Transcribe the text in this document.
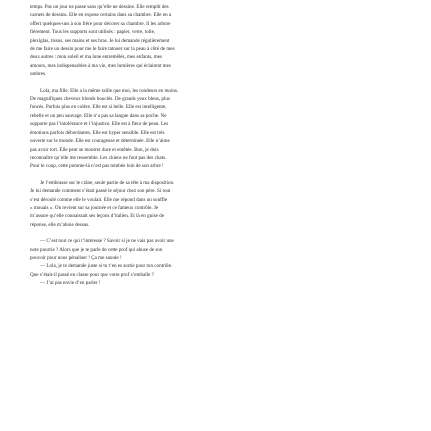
temps. Pas un jour ne passe sans qu’elle ne dessine. Elle remplit des
carnets de dessins. Elle en expose certains dans sa chambre. Elle en a
offert quelques-uns à son frère pour décorer sa chambre. Il les arbore
fièrement. Tous les supports sont utilisés : papier, verre, toile,
plexiglas, tissus, ses mains et ses bras. Je lui demande régulièrement
de me faire un dessin pour me le faire tatouer sur la peau à côté de mes
deux autres : mon soleil et ma lune entremêlés, mes enfants, mes
amours, mes indispensables à ma vie, mes lumières qui éclairent mes
ombres.

Lola, ma fille. Elle a la même taille que moi, les rondeurs en moins.
De magnifiques cheveux blonds bouclés. De grands yeux bleus, plus
foncés. Parfois plus en colère. Elle est si belle. Elle est intelligente,
rebelle et un peu sauvage. Elle n’a pas sa langue dans sa poche. Ne
supporte pas l’intolérance et l’injustice. Elle est à fleur de peau. Les
émotions parfois débordantes. Elle est hyper sensible. Elle est très
ouverte sur le monde. Elle est courageuse et déterminée. Elle n’aime
pas avoir tort. Elle peut se montrer dure et entêtée. Bon, je dois
reconnaître qu’elle me ressemble. Les chiens ne font pas des chats.
Pour le coup, cette pomme-là n’est pas tombée loin de son arbre !

Je l’embrasse sur le crâne, seule partie de sa tête à ma disposition.
Je lui demande comment s’était passé le séjour chez son père. Si tout
s’est déroulé comme elle le voulait. Elle me répond dans un souffle
« mouais ». On revient sur sa journée et ce fameux contrôle. Je
m’assure qu’elle connaissait ses leçons d’italien. Et là en guise de
réponse, elle m’aboie dessus.

— C’est tout ce qui t’intéresse ? Savoir si je ne vais pas avoir une
note pourrie ? Alors que je te parle de cette prof qui abuse de son
pouvoir pour nous pénaliser ! Ça me saoule !
— Lola, je te demande juste si tu t’en es sortie pour ton contrôle.
Que s’était-il passé en classe pour que votre prof s’emballe ?
— J’ai pas envie d’en parler !
